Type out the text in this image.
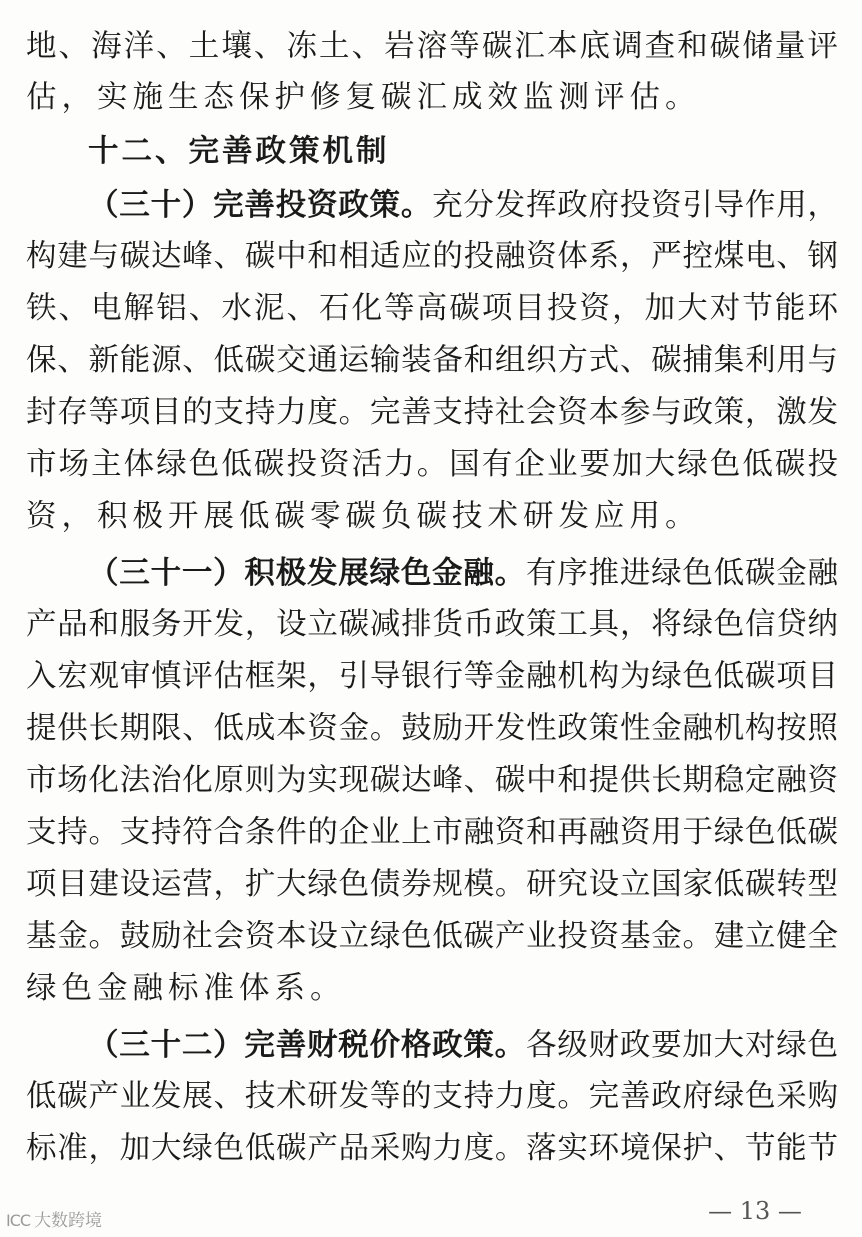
地、海洋、土壤、冻土、岩溶等碳汇本底调查和碳储量评
估，实施生态保护修复碳汇成效监测评估。
十二、完善政策机制
（三十）完善投资政策。充分发挥政府投资引导作用，
构建与碳达峰、碳中和相适应的投融资体系，严控煤电、钢
铁、电解铝、水泥、石化等高碳项目投资，加大对节能环
保、新能源、低碳交通运输装备和组织方式、碳捕集利用与
封存等项目的支持力度。完善支持社会资本参与政策，激发
市场主体绿色低碳投资活力。国有企业要加大绿色低碳投
资，积极开展低碳零碳负碳技术研发应用。
（三十一）积极发展绿色金融。有序推进绿色低碳金融
产品和服务开发，设立碳减排货币政策工具，将绿色信贷纳
入宏观审慎评估框架，引导银行等金融机构为绿色低碳项目
提供长期限、低成本资金。鼓励开发性政策性金融机构按照
市场化法治化原则为实现碳达峰、碳中和提供长期稳定融资
支持。支持符合条件的企业上市融资和再融资用于绿色低碳
项目建设运营，扩大绿色债券规模。研究设立国家低碳转型
基金。鼓励社会资本设立绿色低碳产业投资基金。建立健全
绿色金融标准体系。
（三十二）完善财税价格政策。各级财政要加大对绿色
低碳产业发展、技术研发等的支持力度。完善政府绿色采购
标准，加大绿色低碳产品采购力度。落实环境保护、节能节
— 13 —
ICC 大数跨境
